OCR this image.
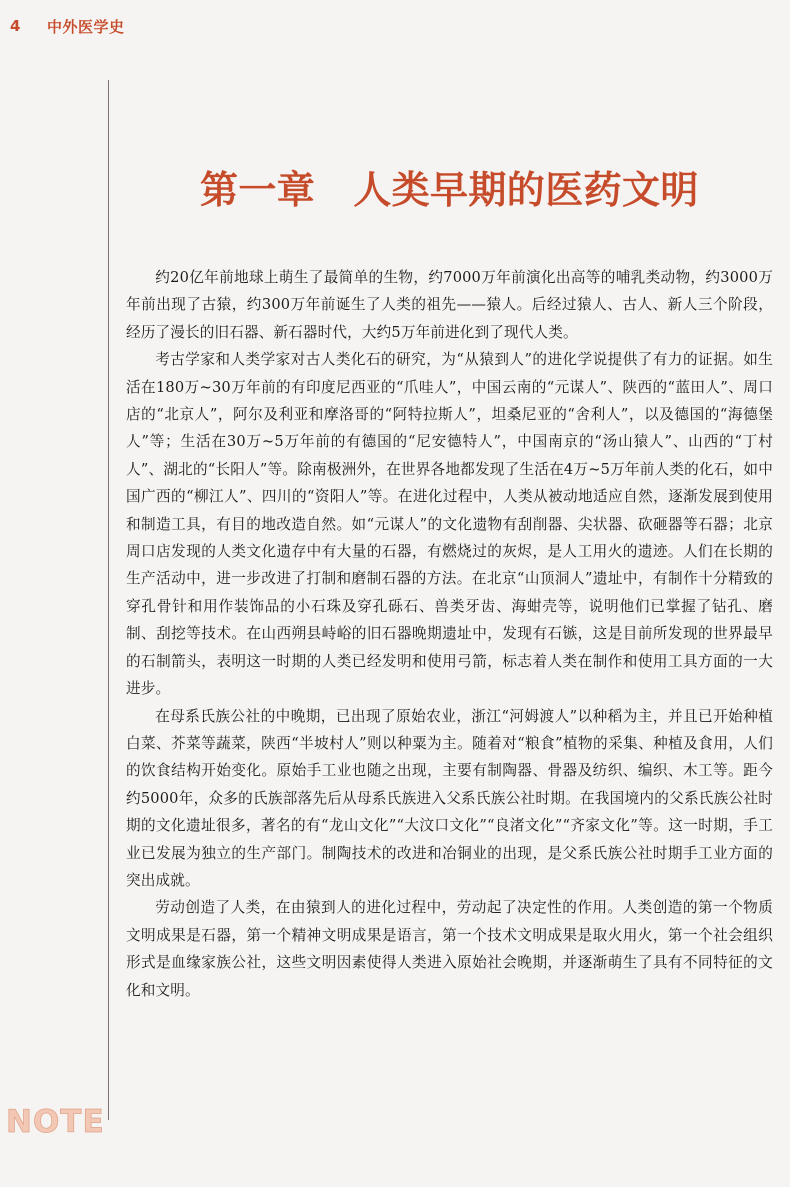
4 中外医学史
第一章 人类早期的医药文明

约20亿年前地球上萌生了最简单的生物，约7000万年前演化出高等的哺乳类动物，约3000万年前出现了古猿，约300万年前诞生了人类的祖先——猿人。后经过猿人、古人、新人三个阶段，经历了漫长的旧石器、新石器时代，大约5万年前进化到了现代人类。

考古学家和人类学家对古人类化石的研究，为“从猿到人”的进化学说提供了有力的证据。如生活在180万~30万年前的有印度尼西亚的“爪哇人”，中国云南的“元谋人”、陕西的“蓝田人”、周口店的“北京人”，阿尔及利亚和摩洛哥的“阿特拉斯人”，坦桑尼亚的“舍利人”，以及德国的“海德堡人”等；生活在30万~5万年前的有德国的“尼安德特人”，中国南京的“汤山猿人”、山西的“丁村人”、湖北的“长阳人”等。除南极洲外，在世界各地都发现了生活在4万~5万年前人类的化石，如中国广西的“柳江人”、四川的“资阳人”等。在进化过程中，人类从被动地适应自然，逐渐发展到使用和制造工具，有目的地改造自然。如“元谋人”的文化遗物有刮削器、尖状器、砍砸器等石器；北京周口店发现的人类文化遗存中有大量的石器，有燃烧过的灰烬，是人工用火的遗迹。人们在长期的生产活动中，进一步改进了打制和磨制石器的方法。在北京“山顶洞人”遗址中，有制作十分精致的穿孔骨针和用作装饰品的小石珠及穿孔砾石、兽类牙齿、海蚶壳等，说明他们已掌握了钻孔、磨制、刮挖等技术。在山西朔县峙峪的旧石器晚期遗址中，发现有石镞，这是目前所发现的世界最早的石制箭头，表明这一时期的人类已经发明和使用弓箭，标志着人类在制作和使用工具方面的一大进步。

在母系氏族公社的中晚期，已出现了原始农业，浙江“河姆渡人”以种稻为主，并且已开始种植白菜、芥菜等蔬菜，陕西“半坡村人”则以种粟为主。随着对“粮食”植物的采集、种植及食用，人们的饮食结构开始变化。原始手工业也随之出现，主要有制陶器、骨器及纺织、编织、木工等。距今约5000年，众多的氏族部落先后从母系氏族进入父系氏族公社时期。在我国境内的父系氏族公社时期的文化遗址很多，著名的有“龙山文化”“大汶口文化”“良渚文化”“齐家文化”等。这一时期，手工业已发展为独立的生产部门。制陶技术的改进和冶铜业的出现，是父系氏族公社时期手工业方面的突出成就。

劳动创造了人类，在由猿到人的进化过程中，劳动起了决定性的作用。人类创造的第一个物质文明成果是石器，第一个精神文明成果是语言，第一个技术文明成果是取火用火，第一个社会组织形式是血缘家族公社，这些文明因素使得人类进入原始社会晚期，并逐渐萌生了具有不同特征的文化和文明。

NOTE
